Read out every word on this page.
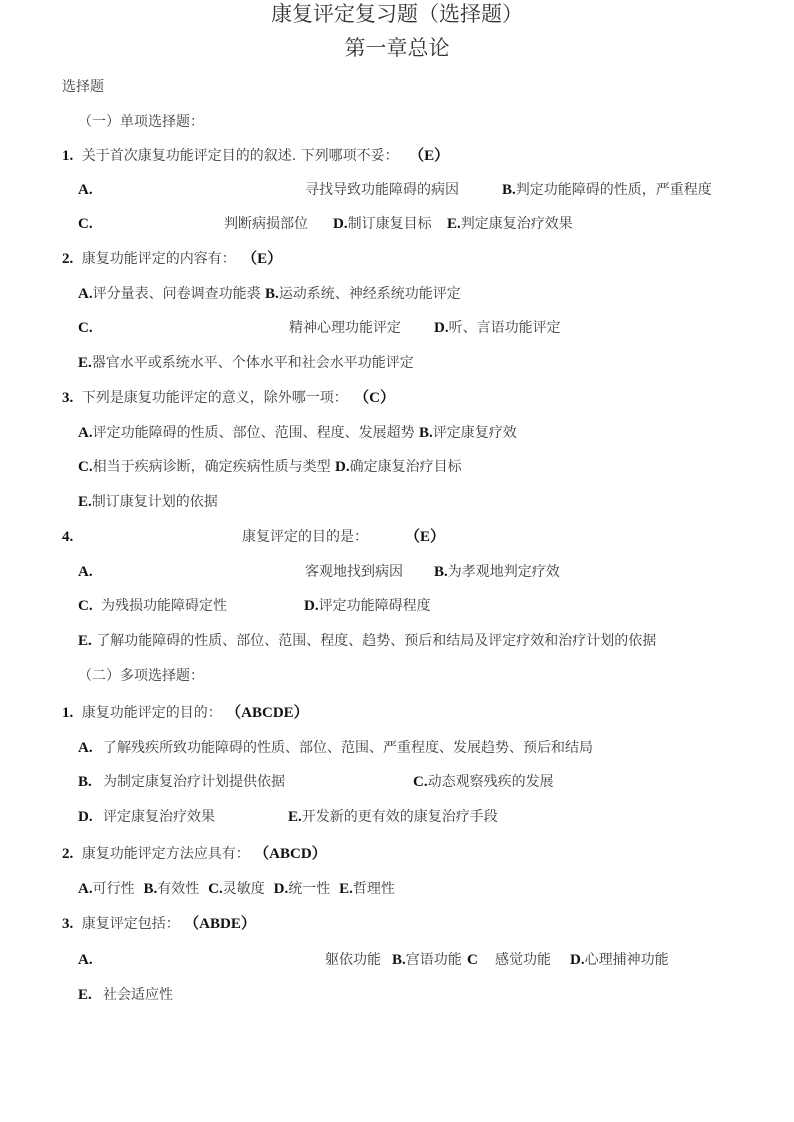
康复评定复习题（选择题）
第一章总论
选择题
（一）单项选择题：
1. 关于首次康复功能评定目的的叙述. 下列哪项不妥： （E）
A.	寻找导致功能障碍的病因	B.判定功能障碍的性质，严重程度
C.	判断病损部位 D.制订康复目标 E.判定康复治疗效果
2. 康复功能评定的内容有： （E）
A.评分量表、问卷调查功能裘 B.运动系统、神经系统功能评定
C.	精神心理功能评定 D.听、言语功能评定
E.器官水平或系统水平、个体水平和社会水平功能评定
3. 下列是康复功能评定的意义，除外哪一项： （C）
A.评定功能障碍的性质、部位、范围、程度、发展超势 B.评定康复疗效
C.相当于疾病诊断，确定疾病性质与类型 D.确定康复治疗目标
E.制订康复计划的依据
4.	康复评定的目的是： （E）
A.	客观地找到病因 B.为孝观地判定疗效
C. 为残损功能障碍定性	D.评定功能障碍程度
E. 了解功能障碍的性质、部位、范围、程度、趋势、预后和结局及评定疗效和治疗计划的依据
（二）多项选择题：
1. 康复功能评定的目的： （ABCDE）
A. 了解残疾所致功能障碍的性质、部位、范围、严重程度、发展趋势、预后和结局
B. 为制定康复治疗计划提供依据	C.动态观察残疾的发展
D. 评定康复治疗效果	E.开发新的更有效的康复治疗手段
2. 康复功能评定方法应具有： （ABCD）
A.可行性 B.有效性 C.灵敏度 D.统一性 E.哲理性
3. 康复评定包括： （ABDE）
A.	躯依功能 B.宫语功能 C 感觉功能 D.心理捕神功能
E. 社会适应性
